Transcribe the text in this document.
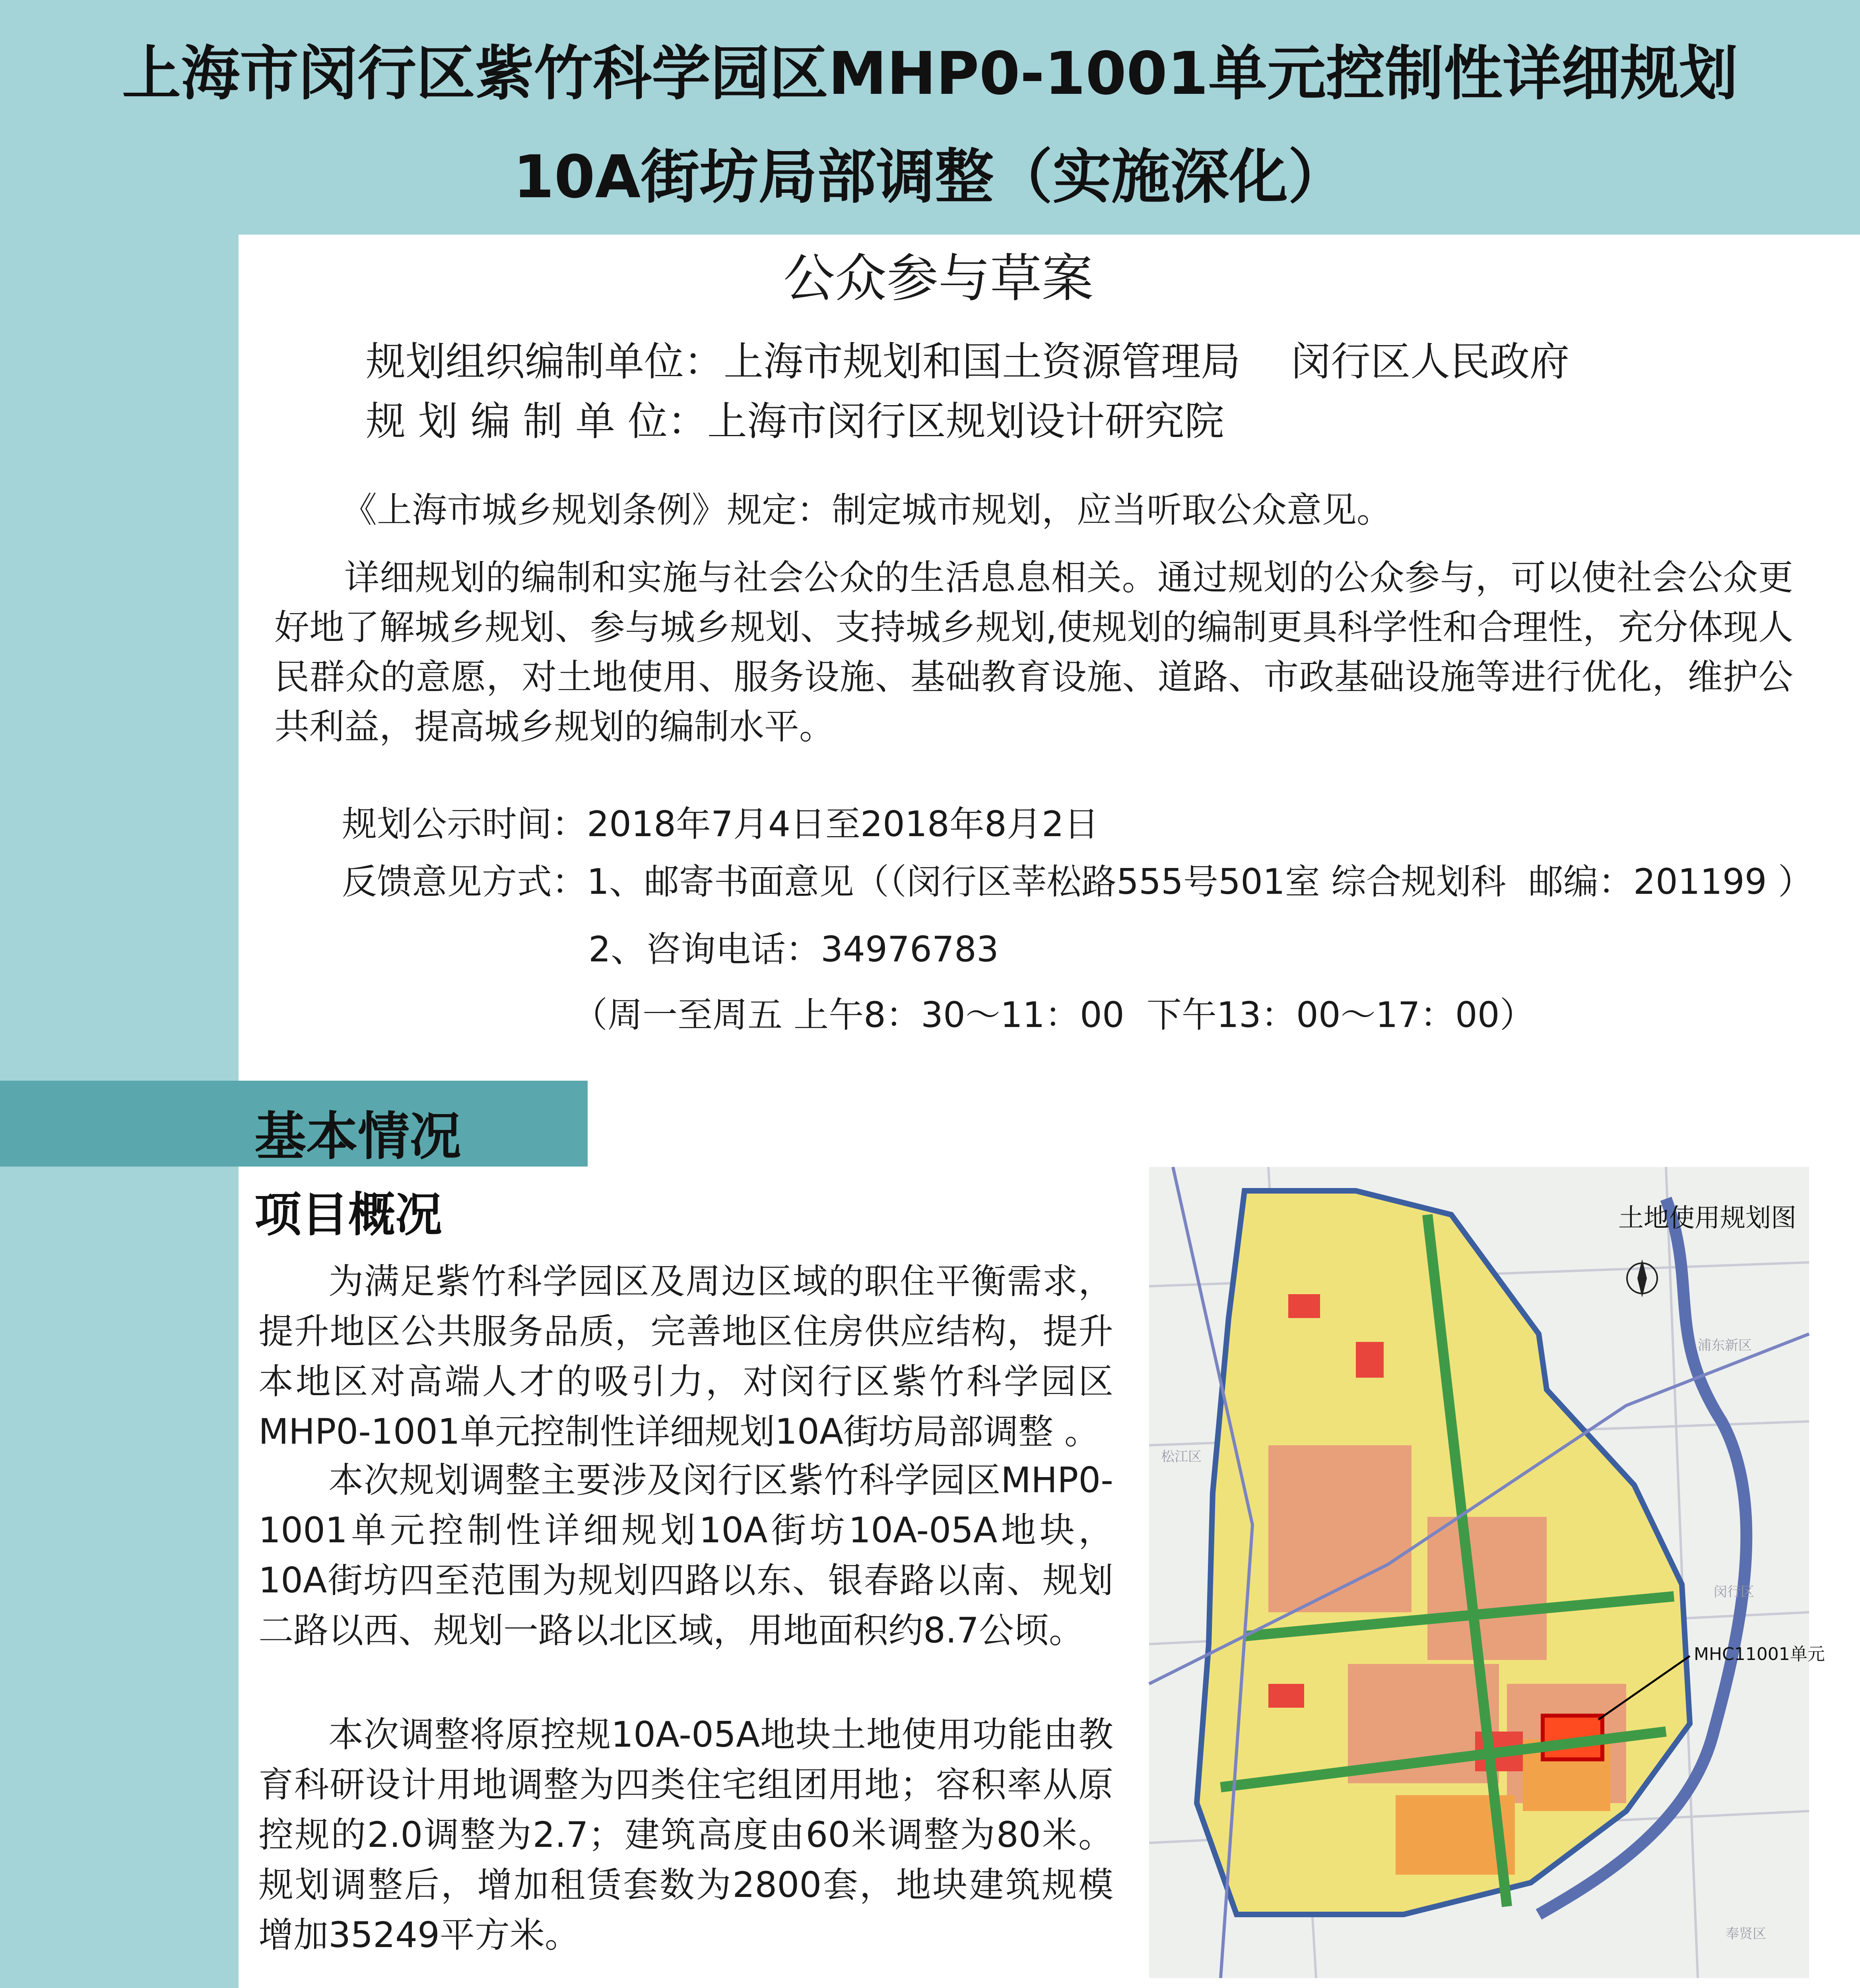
上海市闵行区紫竹科学园区MHP0-1001单元控制性详细规划
10A街坊局部调整（实施深化）
公众参与草案
规划组织编制单位：上海市规划和国土资源管理局    闵行区人民政府
规 划 编 制 单 位：上海市闵行区规划设计研究院
《上海市城乡规划条例》规定：制定城市规划，应当听取公众意见。
详细规划的编制和实施与社会公众的生活息息相关。通过规划的公众参与，可以使社会公众更好地了解城乡规划、参与城乡规划、支持城乡规划,使规划的编制更具科学性和合理性，充分体现人民群众的意愿，对土地使用、服务设施、基础教育设施、道路、市政基础设施等进行优化，维护公共利益，提高城乡规划的编制水平。
规划公示时间：2018年7月4日至2018年8月2日
反馈意见方式：1、邮寄书面意见（（闵行区莘松路555号501室 综合规划科  邮编：201199 ）
2、咨询电话：34976783
（周一至周五 上午8：30～11：00  下午13：00～17：00）
基本情况
项目概况
为满足紫竹科学园区及周边区域的职住平衡需求，提升地区公共服务品质，完善地区住房供应结构，提升本地区对高端人才的吸引力，对闵行区紫竹科学园区 MHP0-1001单元控制性详细规划10A街坊局部调整 。
本次规划调整主要涉及闵行区紫竹科学园区MHP0-1001单元控制性详细规划10A街坊10A-05A地块，10A街坊四至范围为规划四路以东、银春路以南、规划二路以西、规划一路以北区域，用地面积约8.7公顷。
本次调整将原控规10A-05A地块土地使用功能由教育科研设计用地调整为四类住宅组团用地；容积率从原控规的2.0调整为2.7；建筑高度由60米调整为80米。规划调整后，增加租赁套数为2800套，地块建筑规模增加35249平方米。
MHC11001单元
土地使用规划图
浦东新区
松江区
闵行区
奉贤区
